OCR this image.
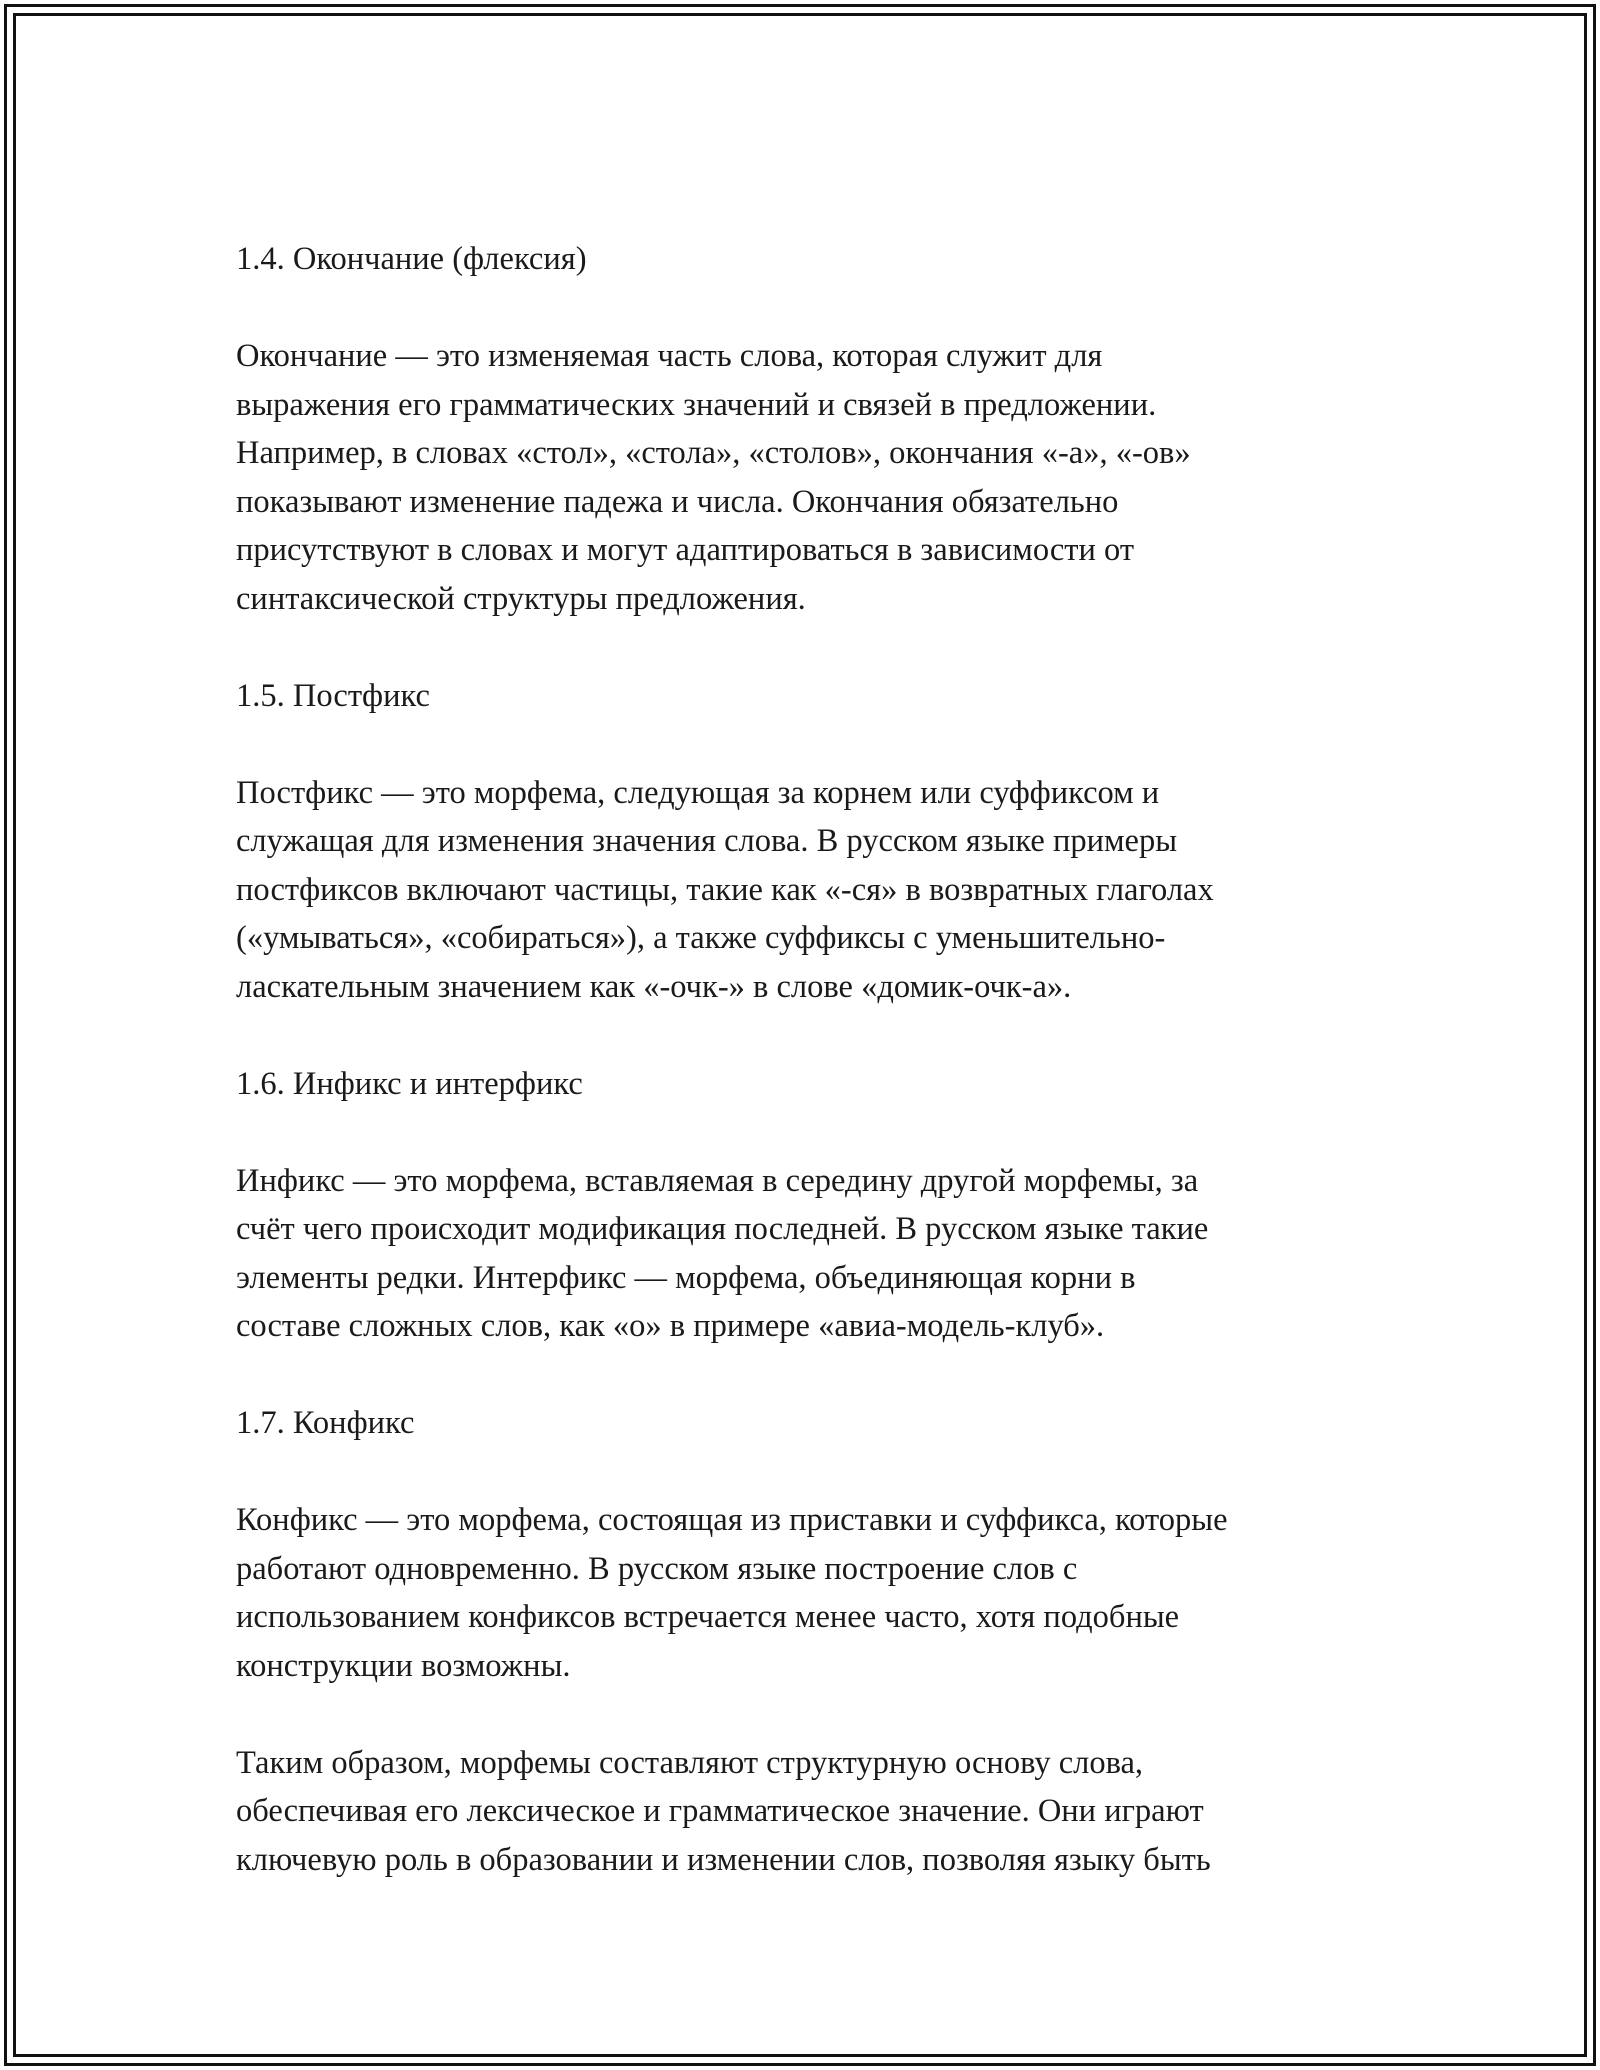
1.4. Окончание (флексия)

Окончание — это изменяемая часть слова, которая служит для
выражения его грамматических значений и связей в предложении.
Например, в словах «стол», «стола», «столов», окончания «-а», «-ов»
показывают изменение падежа и числа. Окончания обязательно
присутствуют в словах и могут адаптироваться в зависимости от
синтаксической структуры предложения.

1.5. Постфикс

Постфикс — это морфема, следующая за корнем или суффиксом и
служащая для изменения значения слова. В русском языке примеры
постфиксов включают частицы, такие как «-ся» в возвратных глаголах
(«умываться», «собираться»), а также суффиксы с уменьшительно-
ласкательным значением как «-очк-» в слове «домик-очк-а».

1.6. Инфикс и интерфикс

Инфикс — это морфема, вставляемая в середину другой морфемы, за
счёт чего происходит модификация последней. В русском языке такие
элементы редки. Интерфикс — морфема, объединяющая корни в
составе сложных слов, как «о» в примере «авиа-модель-клуб».

1.7. Конфикс

Конфикс — это морфема, состоящая из приставки и суффикса, которые
работают одновременно. В русском языке построение слов с
использованием конфиксов встречается менее часто, хотя подобные
конструкции возможны.

Таким образом, морфемы составляют структурную основу слова,
обеспечивая его лексическое и грамматическое значение. Они играют
ключевую роль в образовании и изменении слов, позволяя языку быть
